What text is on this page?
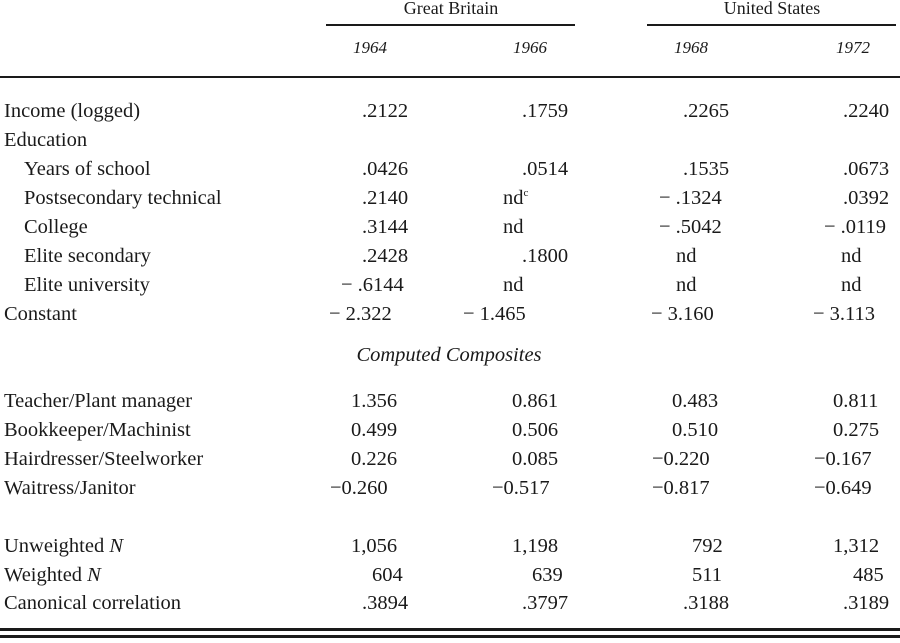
Great Britain	United States
1964	1966	1968	1972
Income (logged)	.2122	.1759	.2265	.2240
Education
Years of school	.0426	.0514	.1535	.0673
Postsecondary technical	.2140	$nd^c$	− .1324	.0392
College	.3144	nd	− .5042	− .0119
Elite secondary	.2428	.1800	nd	nd
Elite university	− .6144	nd	nd	nd
Constant	− 2.322	− 1.465	− 3.160	− 3.113
Computed Composites
Teacher/Plant manager	1.356	0.861	0.483	0.811
Bookkeeper/Machinist	0.499	0.506	0.510	0.275
Hairdresser/Steelworker	0.226	0.085	−0.220	−0.167
Waitress/Janitor	−0.260	−0.517	−0.817	−0.649
Unweighted N	1,056	1,198	792	1,312
Weighted N	604	639	511	485
Canonical correlation	.3894	.3797	.3188	.3189
